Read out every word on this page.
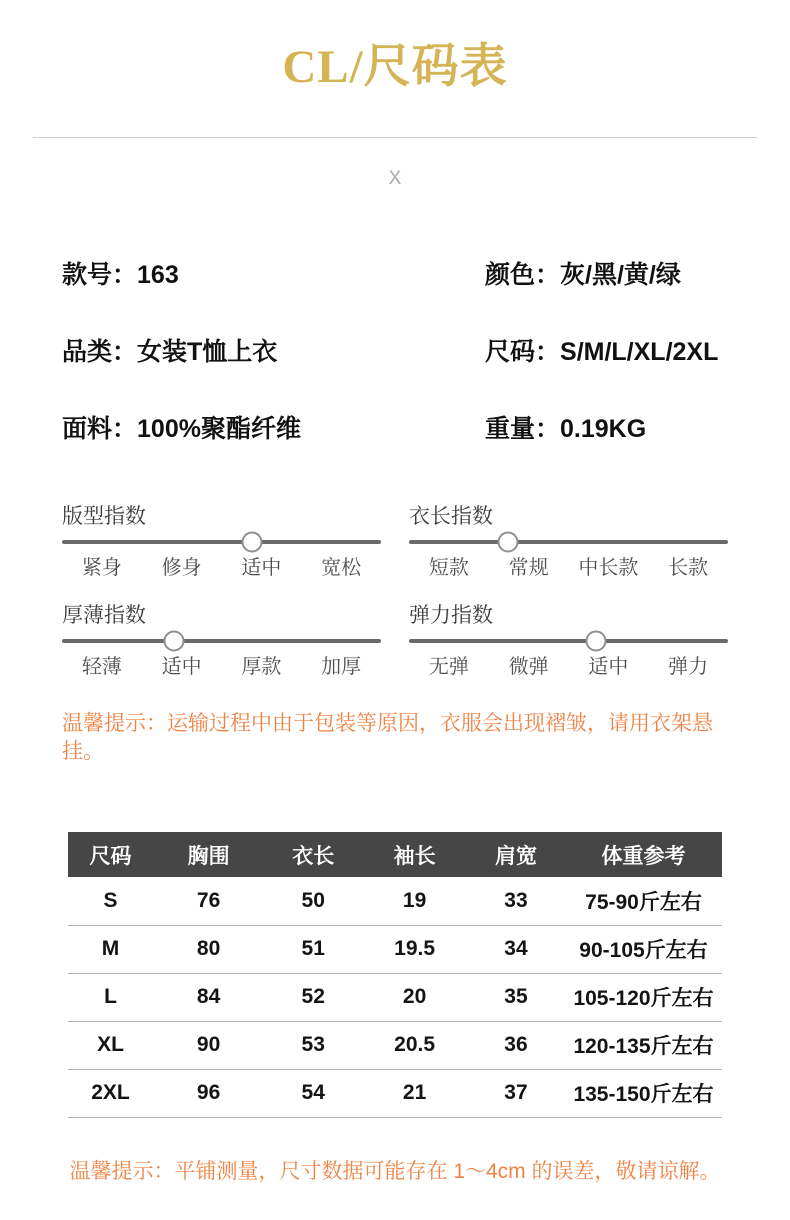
CL/尺码表
X
款号：163	颜色：灰/黑/黄/绿
品类：女装T恤上衣	尺码：S/M/L/XL/2XL
面料：100%聚酯纤维	重量：0.19KG
版型指数
紧身	修身	适中	宽松
衣长指数
短款	常规	中长款	长款
厚薄指数
轻薄	适中	厚款	加厚
弹力指数
无弹	微弹	适中	弹力

温馨提示：运输过程中由于包装等原因，衣服会出现褶皱，请用衣架悬挂。

尺码	胸围	衣长	袖长	肩宽	体重参考
S	76	50	19	33	75-90斤左右
M	80	51	19.5	34	90-105斤左右
L	84	52	20	35	105-120斤左右
XL	90	53	20.5	36	120-135斤左右
2XL	96	54	21	37	135-150斤左右

温馨提示：平铺测量，尺寸数据可能存在 1～4cm 的误差，敬请谅解。
